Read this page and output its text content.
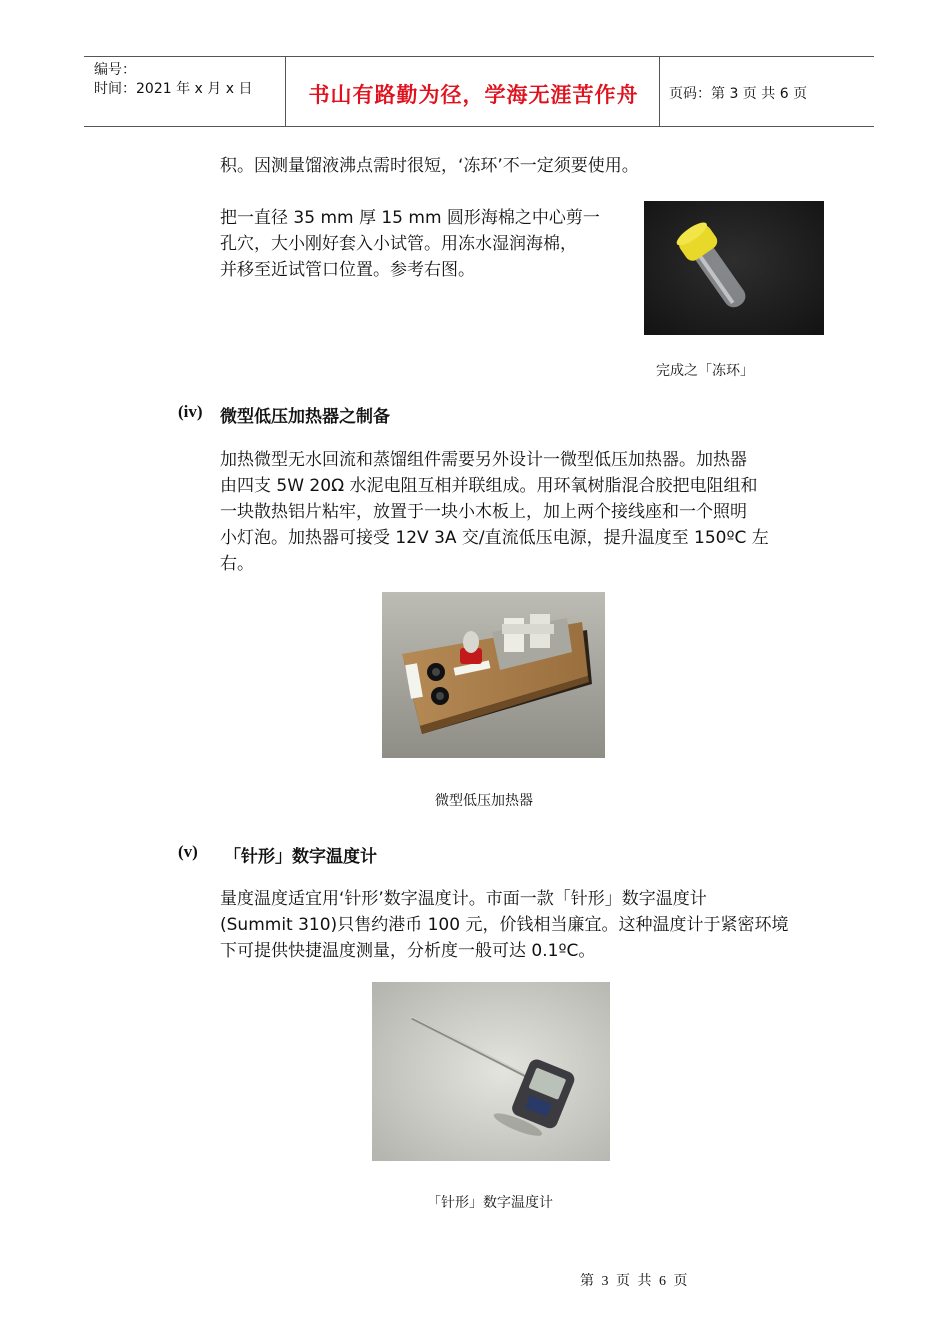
编号：
时间：2021 年 x 月 x 日	书山有路勤为径，学海无涯苦作舟	页码：第 3 页 共 6 页
积。因测量馏液沸点需时很短，‘冻环’不一定须要使用。
把一直径 35 mm 厚 15 mm 圆形海棉之中心剪一
孔穴，大小刚好套入小试管。用冻水湿润海棉，
并移至近试管口位置。参考右图。
完成之「冻环」
(iv) 微型低压加热器之制备
加热微型无水回流和蒸馏组件需要另外设计一微型低压加热器。加热器
由四支 5W 20Ω 水泥电阻互相并联组成。用环氧树脂混合胶把电阻组和
一块散热铝片粘牢，放置于一块小木板上，加上两个接线座和一个照明
小灯泡。加热器可接受 12V 3A 交/直流低压电源，提升温度至 150ºC 左
右。
微型低压加热器
(v) 「针形」数字温度计
量度温度适宜用‘针形’数字温度计。市面一款「针形」数字温度计
(Summit 310)只售约港币 100 元，价钱相当廉宜。这种温度计于紧密环境
下可提供快捷温度测量，分析度一般可达 0.1ºC。
「针形」数字温度计
第 3 页 共 6 页
